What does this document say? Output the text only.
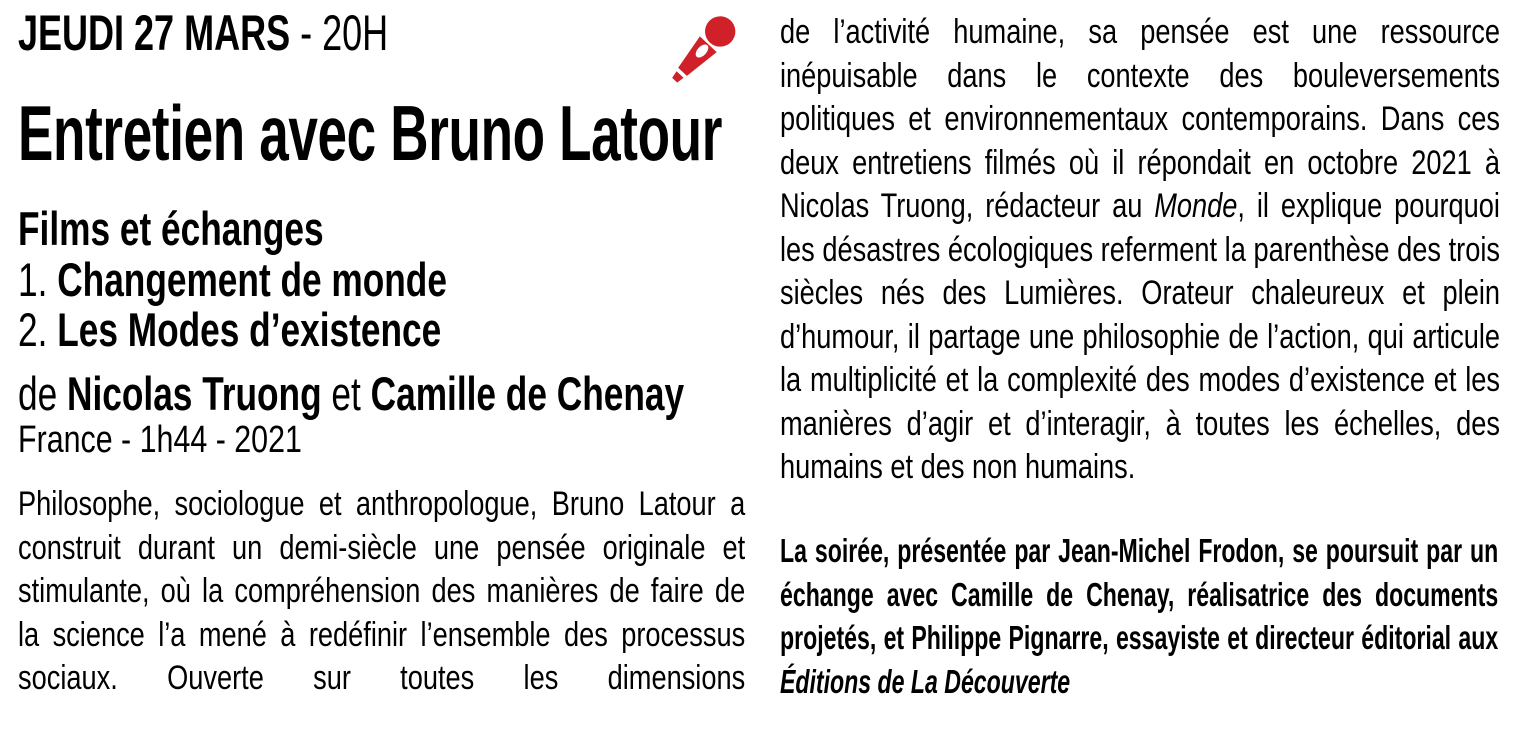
JEUDI 27 MARS - 20H
Entretien avec Bruno Latour
Films et échanges
1. Changement de monde
2. Les Modes d’existence
de Nicolas Truong et Camille de Chenay
France - 1h44 - 2021

Philosophe, sociologue et anthropologue, Bruno Latour a construit durant un demi-siècle une pensée originale et stimulante, où la compréhension des manières de faire de la science l’a mené à redéfinir l’ensemble des processus sociaux. Ouverte sur toutes les dimensions

de l’activité humaine, sa pensée est une ressource inépuisable dans le contexte des bouleversements politiques et environnementaux contemporains. Dans ces deux entretiens filmés où il répondait en octobre 2021 à Nicolas Truong, rédacteur au Monde, il explique pourquoi les désastres écologiques referment la parenthèse des trois siècles nés des Lumières. Orateur chaleureux et plein d’humour, il partage une philosophie de l’action, qui articule la multiplicité et la complexité des modes d’existence et les manières d’agir et d’interagir, à toutes les échelles, des humains et des non humains.

La soirée, présentée par Jean-Michel Frodon, se poursuit par un échange avec Camille de Chenay, réalisatrice des documents projetés, et Philippe Pignarre, essayiste et directeur éditorial aux Éditions de La Découverte
